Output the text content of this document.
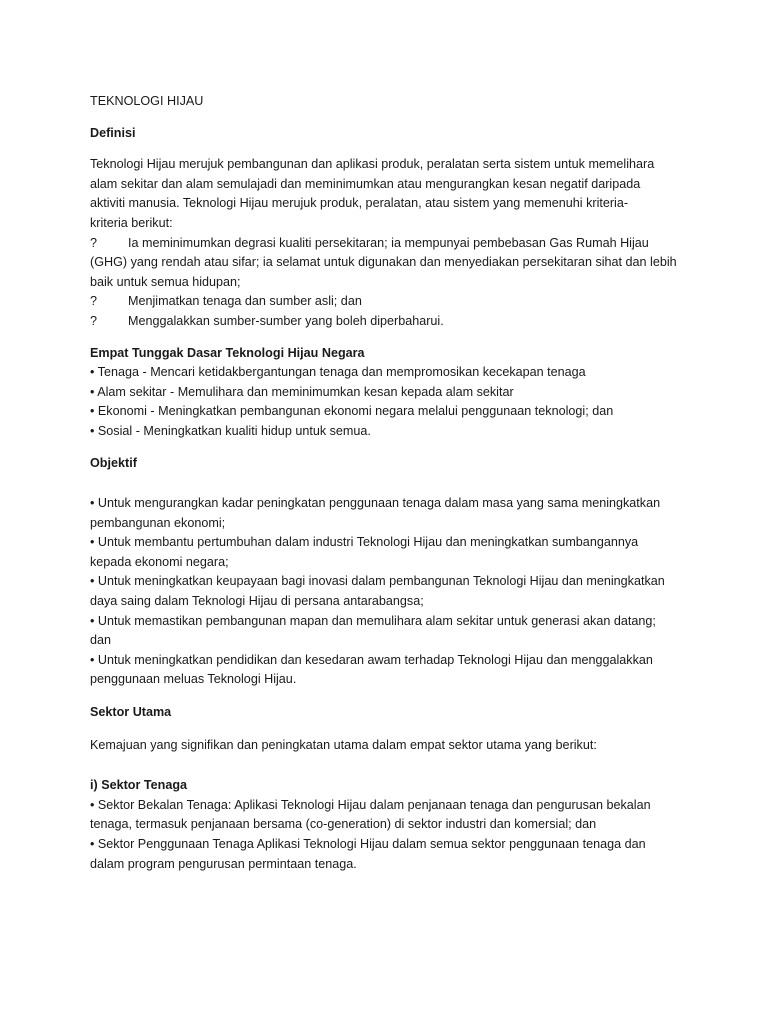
TEKNOLOGI HIJAU

Definisi

Teknologi Hijau merujuk pembangunan dan aplikasi produk, peralatan serta sistem untuk memelihara

alam sekitar dan alam semulajadi dan meminimumkan atau mengurangkan kesan negatif daripada

aktiviti manusia. Teknologi Hijau merujuk produk, peralatan, atau sistem yang memenuhi kriteria-

kriteria berikut:

?	Ia meminimumkan degrasi kualiti persekitaran; ia mempunyai pembebasan Gas Rumah Hijau

(GHG) yang rendah atau sifar; ia selamat untuk digunakan dan menyediakan persekitaran sihat dan lebih

baik untuk semua hidupan;

?	Menjimatkan tenaga dan sumber asli; dan
?	Menggalakkan sumber-sumber yang boleh diperbaharui.

Empat Tunggak Dasar Teknologi Hijau Negara

• Tenaga - Mencari ketidakbergantungan tenaga dan mempromosikan kecekapan tenaga

• Alam sekitar - Memulihara dan meminimumkan kesan kepada alam sekitar

• Ekonomi - Meningkatkan pembangunan ekonomi negara melalui penggunaan teknologi; dan

• Sosial - Meningkatkan kualiti hidup untuk semua.

Objektif

• Untuk mengurangkan kadar peningkatan penggunaan tenaga dalam masa yang sama meningkatkan

pembangunan ekonomi;

• Untuk membantu pertumbuhan dalam industri Teknologi Hijau dan meningkatkan sumbangannya

kepada ekonomi negara;

• Untuk meningkatkan keupayaan bagi inovasi dalam pembangunan Teknologi Hijau dan meningkatkan

daya saing dalam Teknologi Hijau di persana antarabangsa;

• Untuk memastikan pembangunan mapan dan memulihara alam sekitar untuk generasi akan datang;

dan

• Untuk meningkatkan pendidikan dan kesedaran awam terhadap Teknologi Hijau dan menggalakkan

penggunaan meluas Teknologi Hijau.

Sektor Utama

Kemajuan yang signifikan dan peningkatan utama dalam empat sektor utama yang berikut:

i) Sektor Tenaga

• Sektor Bekalan Tenaga: Aplikasi Teknologi Hijau dalam penjanaan tenaga dan pengurusan bekalan

tenaga, termasuk penjanaan bersama (co-generation) di sektor industri dan komersial; dan

• Sektor Penggunaan Tenaga Aplikasi Teknologi Hijau dalam semua sektor penggunaan tenaga dan

dalam program pengurusan permintaan tenaga.
